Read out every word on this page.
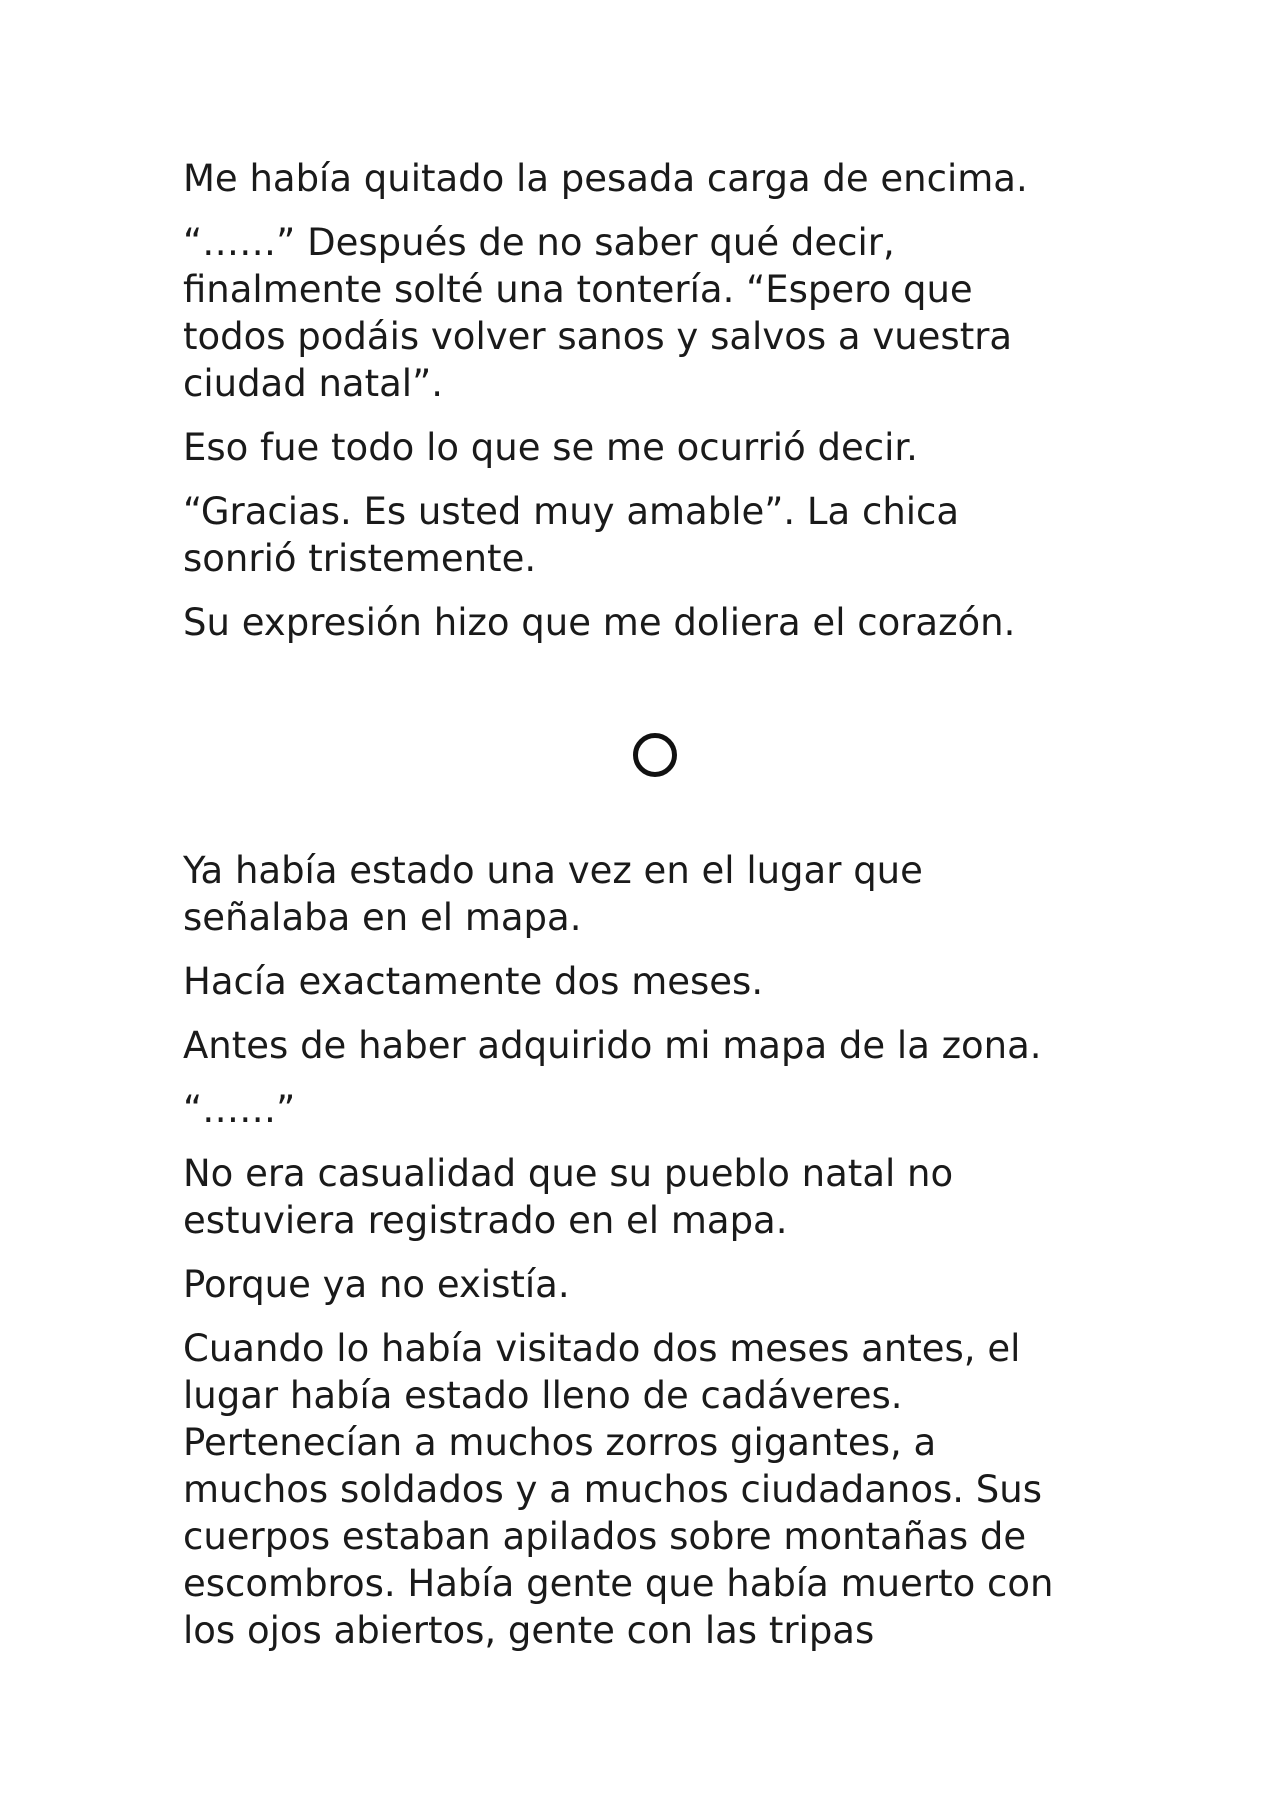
Me había quitado la pesada carga de encima.

“……” Después de no saber qué decir,
finalmente solté una tontería. “Espero que
todos podáis volver sanos y salvos a vuestra
ciudad natal”.

Eso fue todo lo que se me ocurrió decir.

“Gracias. Es usted muy amable”. La chica
sonrió tristemente.

Su expresión hizo que me doliera el corazón.

Ya había estado una vez en el lugar que
señalaba en el mapa.

Hacía exactamente dos meses.

Antes de haber adquirido mi mapa de la zona.

“……”

No era casualidad que su pueblo natal no
estuviera registrado en el mapa.

Porque ya no existía.

Cuando lo había visitado dos meses antes, el
lugar había estado lleno de cadáveres.
Pertenecían a muchos zorros gigantes, a
muchos soldados y a muchos ciudadanos. Sus
cuerpos estaban apilados sobre montañas de
escombros. Había gente que había muerto con
los ojos abiertos, gente con las tripas
